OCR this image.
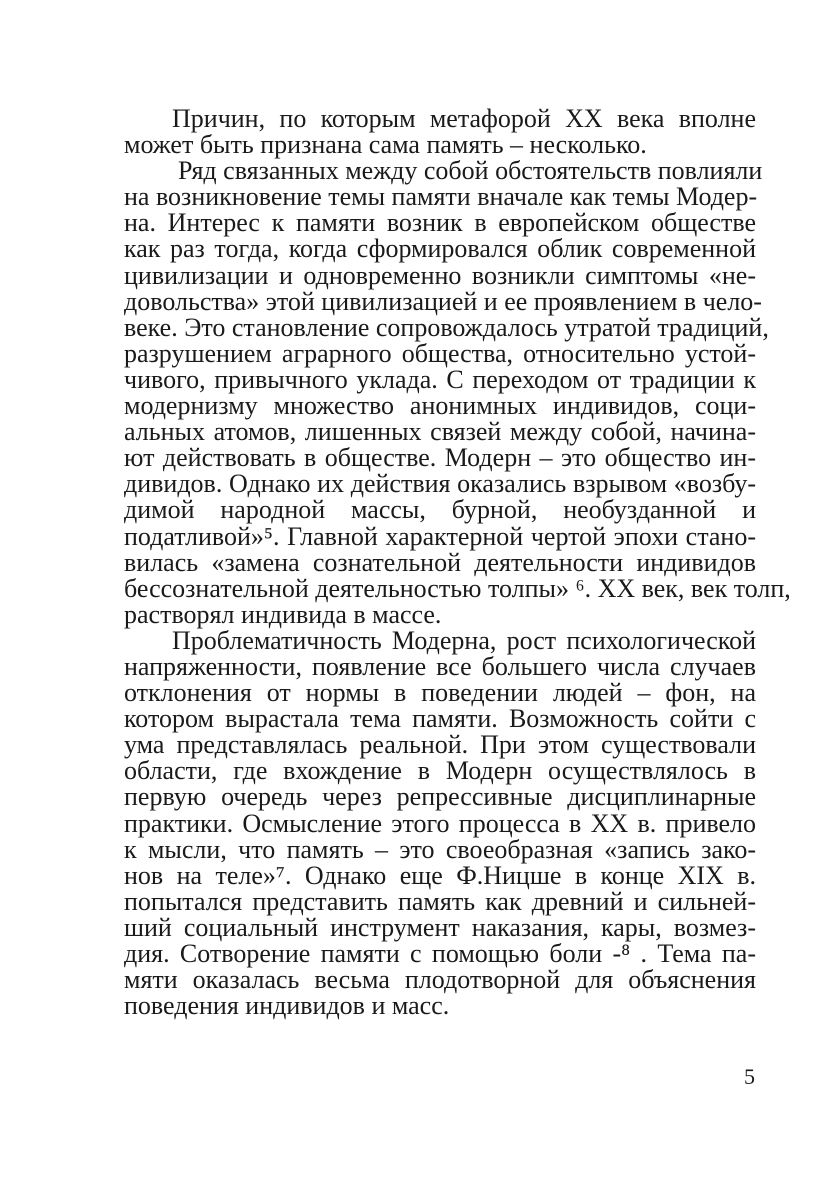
Причин, по которым метафорой XX века вполне
может быть признана сама память – несколько.
Ряд связанных между собой обстоятельств повлияли
на возникновение темы памяти вначале как темы Модер-
на. Интерес к памяти возник в европейском обществе
как раз тогда, когда сформировался облик современной
цивилизации и одновременно возникли симптомы «не-
довольства» этой цивилизацией и ее проявлением в чело-
веке. Это становление сопровождалось утратой традиций,
разрушением аграрного общества, относительно устой-
чивого, привычного уклада. С переходом от традиции к
модернизму множество анонимных индивидов, соци-
альных атомов, лишенных связей между собой, начина-
ют действовать в обществе. Модерн – это общество ин-
дивидов. Однако их действия оказались взрывом «возбу-
димой народной массы, бурной, необузданной и
податливой»⁵. Главной характерной чертой эпохи стано-
вилась «замена сознательной деятельности индивидов
бессознательной деятельностью толпы» ⁶. XX век, век толп,
растворял индивида в массе.
Проблематичность Модерна, рост психологической
напряженности, появление все большего числа случаев
отклонения от нормы в поведении людей – фон, на
котором вырастала тема памяти. Возможность сойти с
ума представлялась реальной. При этом существовали
области, где вхождение в Модерн осуществлялось в
первую очередь через репрессивные дисциплинарные
практики. Осмысление этого процесса в XX в. привело
к мысли, что память – это своеобразная «запись зако-
нов на теле»⁷. Однако еще Ф.Ницше в конце XIX в.
попытался представить память как древний и сильней-
ший социальный инструмент наказания, кары, возмез-
дия. Сотворение памяти с помощью боли -⁸ . Тема па-
мяти оказалась весьма плодотворной для объяснения
поведения индивидов и масс.
5
